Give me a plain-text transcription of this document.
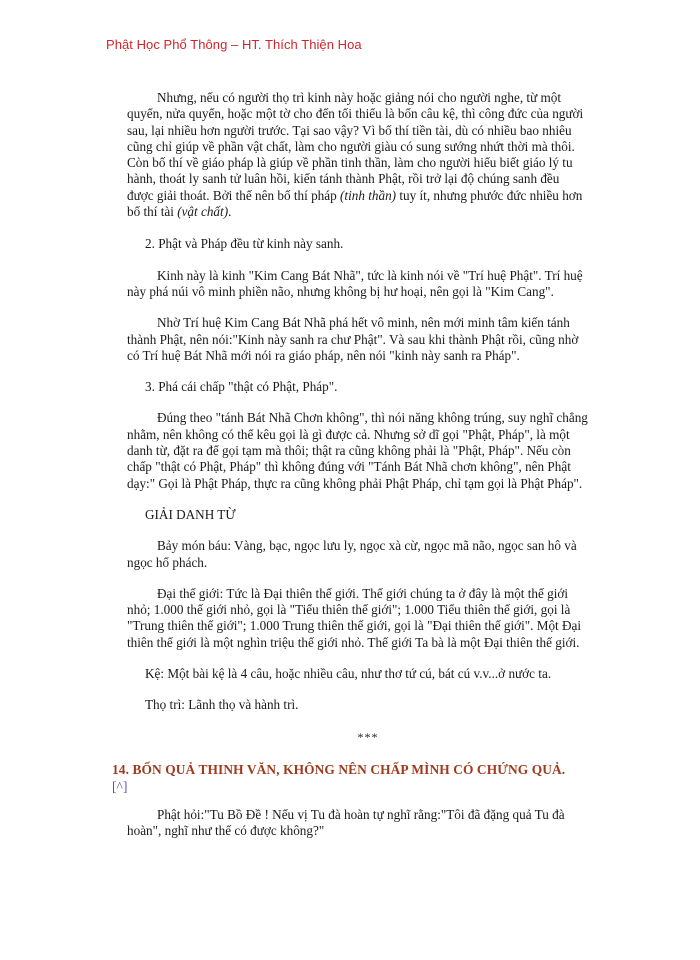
Phật Học Phổ Thông – HT. Thích Thiện Hoa

Nhưng, nếu có người thọ trì kinh này hoặc giảng nói cho người nghe, từ một quyển, nửa quyển, hoặc một tờ cho đến tối thiểu là bốn câu kệ, thì công đức của người sau, lại nhiều hơn người trước. Tại sao vậy? Vì bố thí tiền tài, dù có nhiều bao nhiêu cũng chỉ giúp về phần vật chất, làm cho người giàu có sung sướng nhứt thời mà thôi. Còn bố thí về giáo pháp là giúp về phần tinh thần, làm cho người hiểu biết giáo lý tu hành, thoát ly sanh tử luân hồi, kiến tánh thành Phật, rồi trở lại độ chúng sanh đều được giải thoát. Bởi thế nên bố thí pháp (tinh thần) tuy ít, nhưng phước đức nhiều hơn bố thí tài (vật chất).

2. Phật và Pháp đều từ kinh này sanh.

Kinh này là kinh "Kim Cang Bát Nhã", tức là kinh nói về "Trí huệ Phật". Trí huệ này phá núi vô minh phiền não, nhưng không bị hư hoại, nên gọi là "Kim Cang".

Nhờ Trí huệ Kim Cang Bát Nhã phá hết vô minh, nên mới minh tâm kiến tánh thành Phật, nên nói:"Kinh này sanh ra chư Phật". Và sau khi thành Phật rồi, cũng nhờ có Trí huệ Bát Nhã mới nói ra giáo pháp, nên nói "kinh này sanh ra Pháp".

3. Phá cái chấp "thật có Phật, Pháp".

Đúng theo "tánh Bát Nhã Chơn không", thì nói năng không trúng, suy nghĩ chẳng nhằm, nên không có thể kêu gọi là gì được cả. Nhưng sở dĩ gọi "Phật, Pháp", là một danh từ, đặt ra để gọi tạm mà thôi; thật ra cũng không phải là "Phật, Pháp". Nếu còn chấp "thật có Phật, Pháp" thì không đúng với "Tánh Bát Nhã chơn không", nên Phật dạy:" Gọi là Phật Pháp, thực ra cũng không phải Phật Pháp, chỉ tạm gọi là Phật Pháp".

GIẢI DANH TỪ

Bảy món báu: Vàng, bạc, ngọc lưu ly, ngọc xà cừ, ngọc mã não, ngọc san hô và ngọc hổ phách.

Đại thế giới: Tức là Đại thiên thế giới. Thế giới chúng ta ở đây là một thế giới nhỏ; 1.000 thế giới nhỏ, gọi là "Tiểu thiên thế giới"; 1.000 Tiểu thiên thế giới, gọi là "Trung thiên thế giới"; 1.000 Trung thiên thế giới, gọi là "Đại thiên thế giới". Một Đại thiên thế giới là một nghìn triệu thế giới nhỏ. Thế giới Ta bà là một Đại thiên thế giới.

Kệ: Một bài kệ là 4 câu, hoặc nhiều câu, như thơ tứ cú, bát cú v.v...ở nước ta.

Thọ trì: Lãnh thọ và hành trì.

***
14. BỐN QUẢ THINH VĂN, KHÔNG NÊN CHẤP MÌNH CÓ CHỨNG QUẢ.
[^]

Phật hỏi:"Tu Bồ Đề ! Nếu vị Tu đà hoàn tự nghĩ rằng:"Tôi đã đặng quả Tu đà hoàn", nghĩ như thế có được không?"
